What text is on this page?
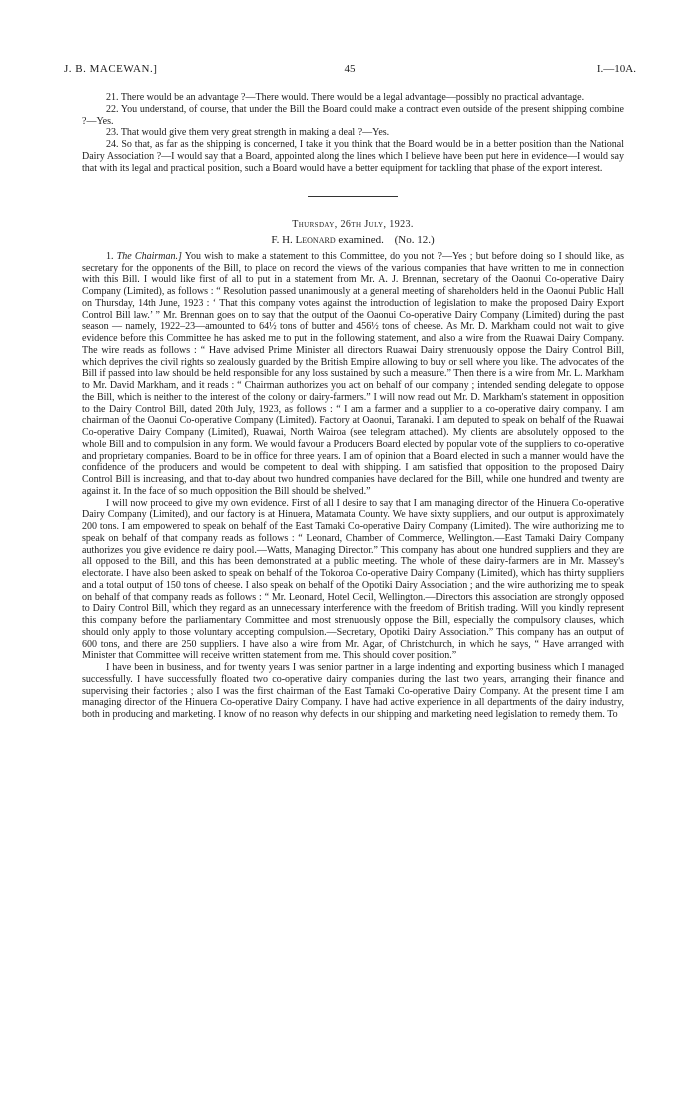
J. B. MACEWAN.]	45	I.—10A.

21. There would be an advantage ?—There would. There would be a legal advantage—possibly no practical advantage.

22. You understand, of course, that under the Bill the Board could make a contract even outside of the present shipping combine ?—Yes.

23. That would give them very great strength in making a deal ?—Yes.

24. So that, as far as the shipping is concerned, I take it you think that the Board would be in a better position than the National Dairy Association ?—I would say that a Board, appointed along the lines which I believe have been put here in evidence—I would say that with its legal and practical position, such a Board would have a better equipment for tackling that phase of the export interest.

Thursday, 26th July, 1923.

F. H. Leonard examined. (No. 12.)

1. The Chairman.] You wish to make a statement to this Committee, do you not ?—Yes ; but before doing so I should like, as secretary for the opponents of the Bill, to place on record the views of the various companies that have written to me in connection with this Bill. I would like first of all to put in a statement from Mr. A. J. Brennan, secretary of the Oaonui Co-operative Dairy Company (Limited), as follows : “ Resolution passed unanimously at a general meeting of shareholders held in the Oaonui Public Hall on Thursday, 14th June, 1923 : ‘ That this company votes against the introduction of legislation to make the proposed Dairy Export Control Bill law.’ ” Mr. Brennan goes on to say that the output of the Oaonui Co-operative Dairy Company (Limited) during the past season — namely, 1922–23—amounted to 64½ tons of butter and 456½ tons of cheese. As Mr. D. Markham could not wait to give evidence before this Committee he has asked me to put in the following statement, and also a wire from the Ruawai Dairy Company. The wire reads as follows : “ Have advised Prime Minister all directors Ruawai Dairy strenuously oppose the Dairy Control Bill, which deprives the civil rights so zealously guarded by the British Empire allowing to buy or sell where you like. The advocates of the Bill if passed into law should be held responsible for any loss sustained by such a measure.” Then there is a wire from Mr. L. Markham to Mr. David Markham, and it reads : “ Chairman authorizes you act on behalf of our company ; intended sending delegate to oppose the Bill, which is neither to the interest of the colony or dairy-farmers.” I will now read out Mr. D. Markham's statement in opposition to the Dairy Control Bill, dated 20th July, 1923, as follows : “ I am a farmer and a supplier to a co-operative dairy company. I am chairman of the Oaonui Co-operative Company (Limited). Factory at Oaonui, Taranaki. I am deputed to speak on behalf of the Ruawai Co-operative Dairy Company (Limited), Ruawai, North Wairoa (see telegram attached). My clients are absolutely opposed to the whole Bill and to compulsion in any form. We would favour a Producers Board elected by popular vote of the suppliers to co-operative and proprietary companies. Board to be in office for three years. I am of opinion that a Board elected in such a manner would have the confidence of the producers and would be competent to deal with shipping. I am satisfied that opposition to the proposed Dairy Control Bill is increasing, and that to-day about two hundred companies have declared for the Bill, while one hundred and twenty are against it. In the face of so much opposition the Bill should be shelved.”

I will now proceed to give my own evidence. First of all I desire to say that I am managing director of the Hinuera Co-operative Dairy Company (Limited), and our factory is at Hinuera, Matamata County. We have sixty suppliers, and our output is approximately 200 tons. I am empowered to speak on behalf of the East Tamaki Co-operative Dairy Company (Limited). The wire authorizing me to speak on behalf of that company reads as follows : “ Leonard, Chamber of Commerce, Wellington.—East Tamaki Dairy Company authorizes you give evidence re dairy pool.—Watts, Managing Director.” This company has about one hundred suppliers and they are all opposed to the Bill, and this has been demonstrated at a public meeting. The whole of these dairy-farmers are in Mr. Massey's electorate. I have also been asked to speak on behalf of the Tokoroa Co-operative Dairy Company (Limited), which has thirty suppliers and a total output of 150 tons of cheese. I also speak on behalf of the Opotiki Dairy Association ; and the wire authorizing me to speak on behalf of that company reads as follows : “ Mr. Leonard, Hotel Cecil, Wellington.—Directors this association are strongly opposed to Dairy Control Bill, which they regard as an unnecessary interference with the freedom of British trading. Will you kindly represent this company before the parliamentary Committee and most strenuously oppose the Bill, especially the compulsory clauses, which should only apply to those voluntary accepting compulsion.—Secretary, Opotiki Dairy Association.” This company has an output of 600 tons, and there are 250 suppliers. I have also a wire from Mr. Agar, of Christchurch, in which he says, “ Have arranged with Minister that Committee will receive written statement from me. This should cover position.”

I have been in business, and for twenty years I was senior partner in a large indenting and exporting business which I managed successfully. I have successfully floated two co-operative dairy companies during the last two years, arranging their finance and supervising their factories ; also I was the first chairman of the East Tamaki Co-operative Dairy Company. At the present time I am managing director of the Hinuera Co-operative Dairy Company. I have had active experience in all departments of the dairy industry, both in producing and marketing. I know of no reason why defects in our shipping and marketing need legislation to remedy them. To
